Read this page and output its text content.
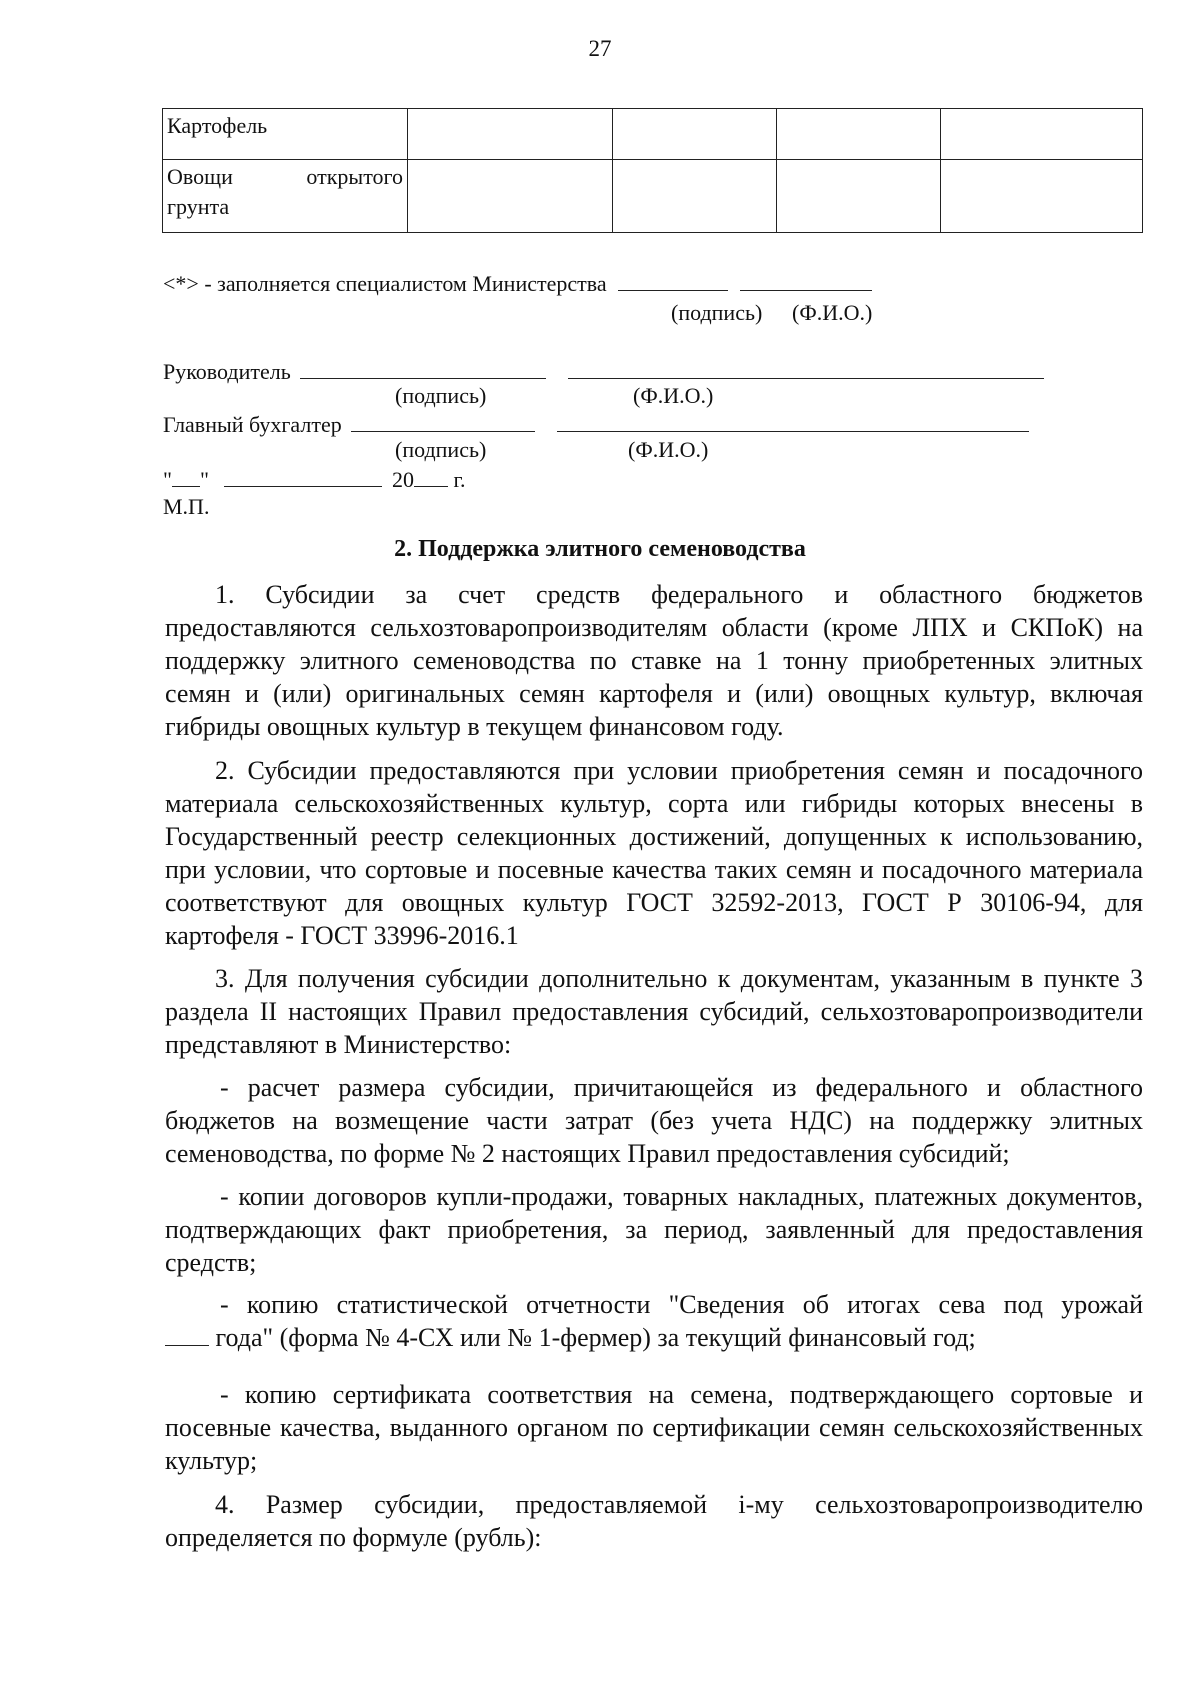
27
Картофель				

Овощи открытого
грунта				

<*> - заполняется специалистом Министерства
(подпись) (Ф.И.О.)
Руководитель
(подпись)	(Ф.И.О.)
Главный бухгалтер
(подпись)	(Ф.И.О.)
" "	20 г.
М.П.
2. Поддержка элитного семеноводства

1. Субсидии за счет средств федерального и областного бюджетов предоставляются сельхозтоваропроизводителям области (кроме ЛПХ и СКПоК) на поддержку элитного семеноводства по ставке на 1 тонну приобретенных элитных семян и (или) оригинальных семян картофеля и (или) овощных культур, включая гибриды овощных культур в текущем финансовом году.

2. Субсидии предоставляются при условии приобретения семян и посадочного материала сельскохозяйственных культур, сорта или гибриды которых внесены в Государственный реестр селекционных достижений, допущенных к использованию, при условии, что сортовые и посевные качества таких семян и посадочного материала соответствуют для овощных культур ГОСТ 32592-2013, ГОСТ Р 30106-94, для картофеля - ГОСТ 33996-2016.1

3. Для получения субсидии дополнительно к документам, указанным в пункте 3 раздела II настоящих Правил предоставления субсидий, сельхозтоваропроизводители представляют в Министерство:

- расчет размера субсидии, причитающейся из федерального и областного бюджетов на возмещение части затрат (без учета НДС) на поддержку элитных семеноводства, по форме № 2 настоящих Правил предоставления субсидий;

- копии договоров купли-продажи, товарных накладных, платежных документов, подтверждающих факт приобретения, за период, заявленный для предоставления средств;

- копию статистической отчетности "Сведения об итогах сева под урожай

года" (форма № 4-СХ или № 1-фермер) за текущий финансовый год;

- копию сертификата соответствия на семена, подтверждающего сортовые и посевные качества, выданного органом по сертификации семян сельскохозяйственных культур;

4. Размер субсидии, предоставляемой i-му сельхозтоваропроизводителю определяется по формуле (рубль):
